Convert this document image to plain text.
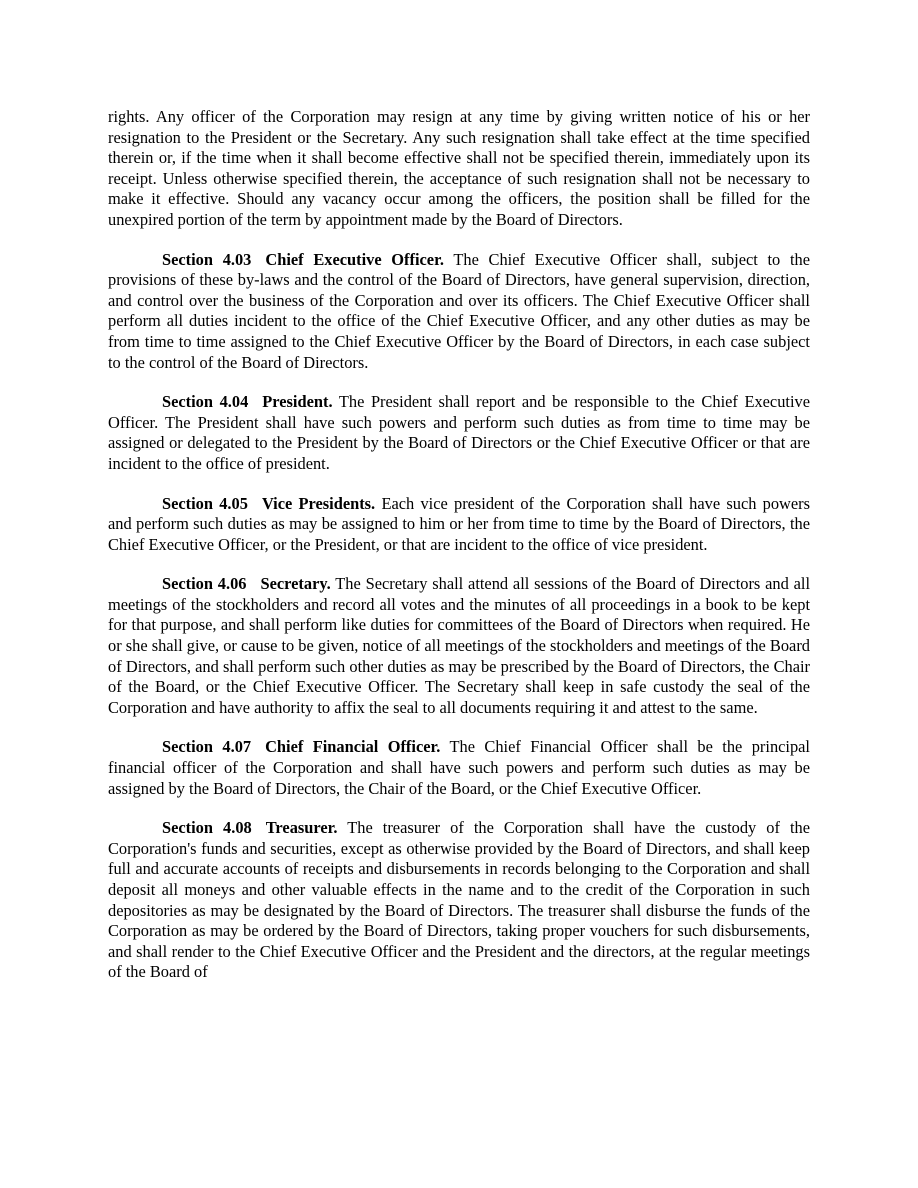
rights. Any officer of the Corporation may resign at any time by giving written notice of his or her resignation to the President or the Secretary. Any such resignation shall take effect at the time specified therein or, if the time when it shall become effective shall not be specified therein, immediately upon its receipt. Unless otherwise specified therein, the acceptance of such resignation shall not be necessary to make it effective. Should any vacancy occur among the officers, the position shall be filled for the unexpired portion of the term by appointment made by the Board of Directors.

Section 4.03 Chief Executive Officer. The Chief Executive Officer shall, subject to the provisions of these by-laws and the control of the Board of Directors, have general supervision, direction, and control over the business of the Corporation and over its officers. The Chief Executive Officer shall perform all duties incident to the office of the Chief Executive Officer, and any other duties as may be from time to time assigned to the Chief Executive Officer by the Board of Directors, in each case subject to the control of the Board of Directors.

Section 4.04 President. The President shall report and be responsible to the Chief Executive Officer. The President shall have such powers and perform such duties as from time to time may be assigned or delegated to the President by the Board of Directors or the Chief Executive Officer or that are incident to the office of president.

Section 4.05 Vice Presidents. Each vice president of the Corporation shall have such powers and perform such duties as may be assigned to him or her from time to time by the Board of Directors, the Chief Executive Officer, or the President, or that are incident to the office of vice president.

Section 4.06 Secretary. The Secretary shall attend all sessions of the Board of Directors and all meetings of the stockholders and record all votes and the minutes of all proceedings in a book to be kept for that purpose, and shall perform like duties for committees of the Board of Directors when required. He or she shall give, or cause to be given, notice of all meetings of the stockholders and meetings of the Board of Directors, and shall perform such other duties as may be prescribed by the Board of Directors, the Chair of the Board, or the Chief Executive Officer. The Secretary shall keep in safe custody the seal of the Corporation and have authority to affix the seal to all documents requiring it and attest to the same.

Section 4.07 Chief Financial Officer. The Chief Financial Officer shall be the principal financial officer of the Corporation and shall have such powers and perform such duties as may be assigned by the Board of Directors, the Chair of the Board, or the Chief Executive Officer.

Section 4.08 Treasurer. The treasurer of the Corporation shall have the custody of the Corporation's funds and securities, except as otherwise provided by the Board of Directors, and shall keep full and accurate accounts of receipts and disbursements in records belonging to the Corporation and shall deposit all moneys and other valuable effects in the name and to the credit of the Corporation in such depositories as may be designated by the Board of Directors. The treasurer shall disburse the funds of the Corporation as may be ordered by the Board of Directors, taking proper vouchers for such disbursements, and shall render to the Chief Executive Officer and the President and the directors, at the regular meetings of the Board of
